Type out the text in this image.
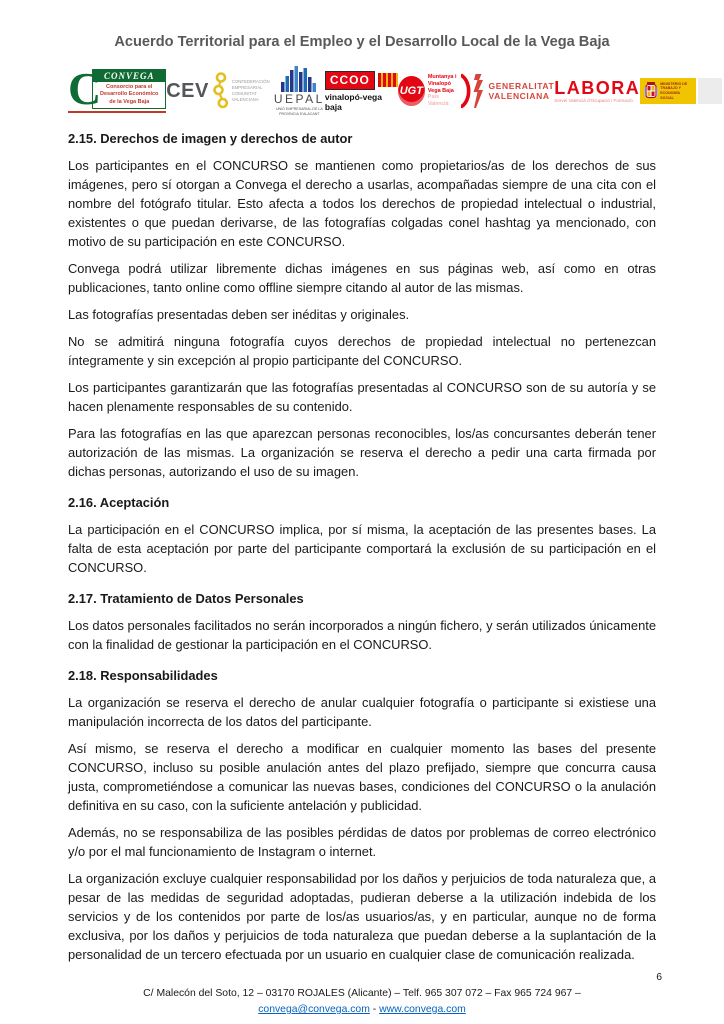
Acuerdo Territorial para el Empleo y el Desarrollo Local de la Vega Baja
C CONVEGA
Consorcio para el Desarrollo Económico de la Vega Baja
CEV	CONFEDERACIÓN EMPRESARIAL COMUNITAT VALENCIANA	UEPAL
UNIÓ EMPRESARIAL DE LA PROVÍNCIA D'ALACANT
CCOO
vinalopó-vega baja
UGT
Muntanya i
Vinalopó
Vega Baja
País Valencià
GENERALITAT
VALENCIANA LABORA
Servei Valencià d'Ocupació i Formació
MINISTERIO DE TRABAJO Y ECONOMÍA SOCIAL
2.15. Derechos de imagen y derechos de autor

Los participantes en el CONCURSO se mantienen como propietarios/as de los derechos de sus imágenes, pero sí otorgan a Convega el derecho a usarlas, acompañadas siempre de una cita con el nombre del fotógrafo titular. Esto afecta a todos los derechos de propiedad intelectual o industrial, existentes o que puedan derivarse, de las fotografías colgadas conel hashtag ya mencionado, con motivo de su participación en este CONCURSO.

Convega podrá utilizar libremente dichas imágenes en sus páginas web, así como en otras publicaciones, tanto online como offline siempre citando al autor de las mismas.

Las fotografías presentadas deben ser inéditas y originales.

No se admitirá ninguna fotografía cuyos derechos de propiedad intelectual no pertenezcan íntegramente y sin excepción al propio participante del CONCURSO.

Los participantes garantizarán que las fotografías presentadas al CONCURSO son de su autoría y se hacen plenamente responsables de su contenido.

Para las fotografías en las que aparezcan personas reconocibles, los/as concursantes deberán tener autorización de las mismas. La organización se reserva el derecho a pedir una carta firmada por dichas personas, autorizando el uso de su imagen.

2.16. Aceptación

La participación en el CONCURSO implica, por sí misma, la aceptación de las presentes bases. La falta de esta aceptación por parte del participante comportará la exclusión de su participación en el CONCURSO.

2.17. Tratamiento de Datos Personales

Los datos personales facilitados no serán incorporados a ningún fichero, y serán utilizados únicamente con la finalidad de gestionar la participación en el CONCURSO.

2.18. Responsabilidades

La organización se reserva el derecho de anular cualquier fotografía o participante si existiese una manipulación incorrecta de los datos del participante.

Así mismo, se reserva el derecho a modificar en cualquier momento las bases del presente CONCURSO, incluso su posible anulación antes del plazo prefijado, siempre que concurra causa justa, comprometiéndose a comunicar las nuevas bases, condiciones del CONCURSO o la anulación definitiva en su caso, con la suficiente antelación y publicidad.

Además, no se responsabiliza de las posibles pérdidas de datos por problemas de correo electrónico y/o por el mal funcionamiento de Instagram o internet.

La organización excluye cualquier responsabilidad por los daños y perjuicios de toda naturaleza que, a pesar de las medidas de seguridad adoptadas, pudieran deberse a la utilización indebida de los servicios y de los contenidos por parte de los/as usuarios/as, y en particular, aunque no de forma exclusiva, por los daños y perjuicios de toda naturaleza que puedan deberse a la suplantación de la personalidad de un tercero efectuada por un usuario en cualquier clase de comunicación realizada.

6
C/ Malecón del Soto, 12 – 03170 ROJALES (Alicante) – Telf. 965 307 072 – Fax 965 724 967 –
convega@convega.com - www.convega.com
